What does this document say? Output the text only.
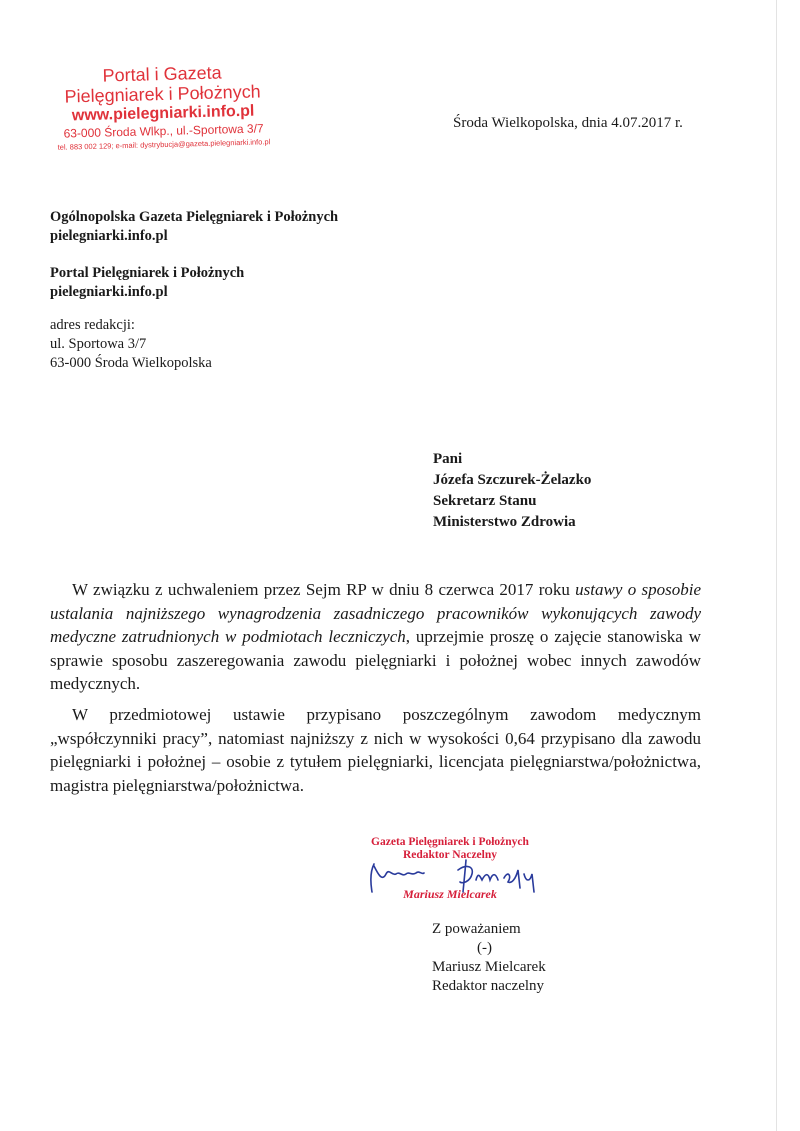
Portal i Gazeta
Pielęgniarek i Położnych
www.pielegniarki.info.pl
63-000 Środa Wlkp., ul.-Sportowa 3/7
tel. 883 002 129; e-mail: dystrybucja@gazeta.pielegniarki.info.pl
Środa Wielkopolska, dnia 4.07.2017 r.
Ogólnopolska Gazeta Pielęgniarek i Położnych
pielegniarki.info.pl
Portal Pielęgniarek i Położnych
pielegniarki.info.pl
adres redakcji:
ul. Sportowa 3/7
63-000 Środa Wielkopolska
Pani
Józefa Szczurek-Żelazko
Sekretarz Stanu
Ministerstwo Zdrowia
W związku z uchwaleniem przez Sejm RP w dniu 8 czerwca 2017 roku ustawy o sposobie ustalania najniższego wynagrodzenia zasadniczego pracowników wykonujących zawody medyczne zatrudnionych w podmiotach leczniczych, uprzejmie proszę o zajęcie stanowiska w sprawie sposobu zaszeregowania zawodu pielęgniarki i położnej wobec innych zawodów medycznych.
W przedmiotowej ustawie przypisano poszczególnym zawodom medycznym „współczynniki pracy”, natomiast najniższy z nich w wysokości 0,64 przypisano dla zawodu pielęgniarki i położnej – osobie z tytułem pielęgniarki, licencjata pielęgniarstwa/położnictwa, magistra pielęgniarstwa/położnictwa.
Gazeta Pielęgniarek i Położnych
Redaktor Naczelny
Mariusz Mielcarek
Z poważaniem
(-)
Mariusz Mielcarek
Redaktor naczelny
